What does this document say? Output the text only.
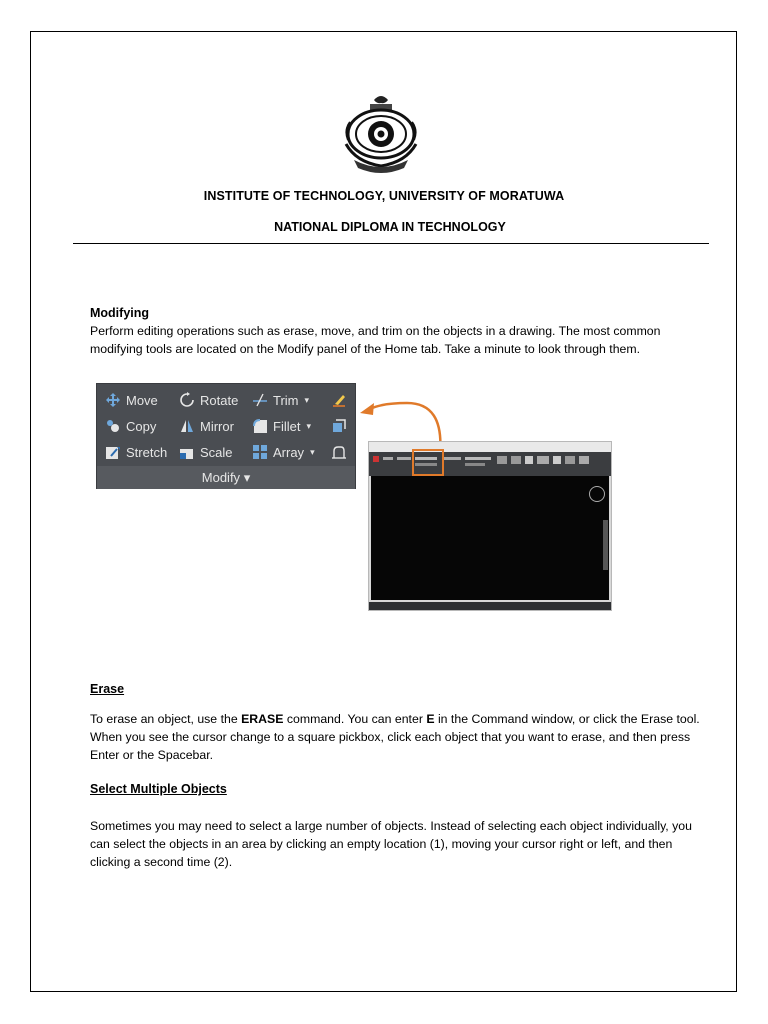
INSTITUTE OF TECHNOLOGY, UNIVERSITY OF MORATUWA
NATIONAL DIPLOMA IN TECHNOLOGY
Modifying
Perform editing operations such as erase, move, and trim on the objects in a drawing. The most common modifying tools are located on the Modify panel of the Home tab. Take a minute to look through them.
Move	Rotate	Trim ▾
Copy	Mirror	Fillet ▾
Stretch	Scale	Array ▾
Modify ▾
Erase
To erase an object, use the ERASE command. You can enter E in the Command window, or click the Erase tool. When you see the cursor change to a square pickbox, click each object that you want to erase, and then press Enter or the Spacebar.
Select Multiple Objects
Sometimes you may need to select a large number of objects. Instead of selecting each object individually, you can select the objects in an area by clicking an empty location (1), moving your cursor right or left, and then clicking a second time (2).
